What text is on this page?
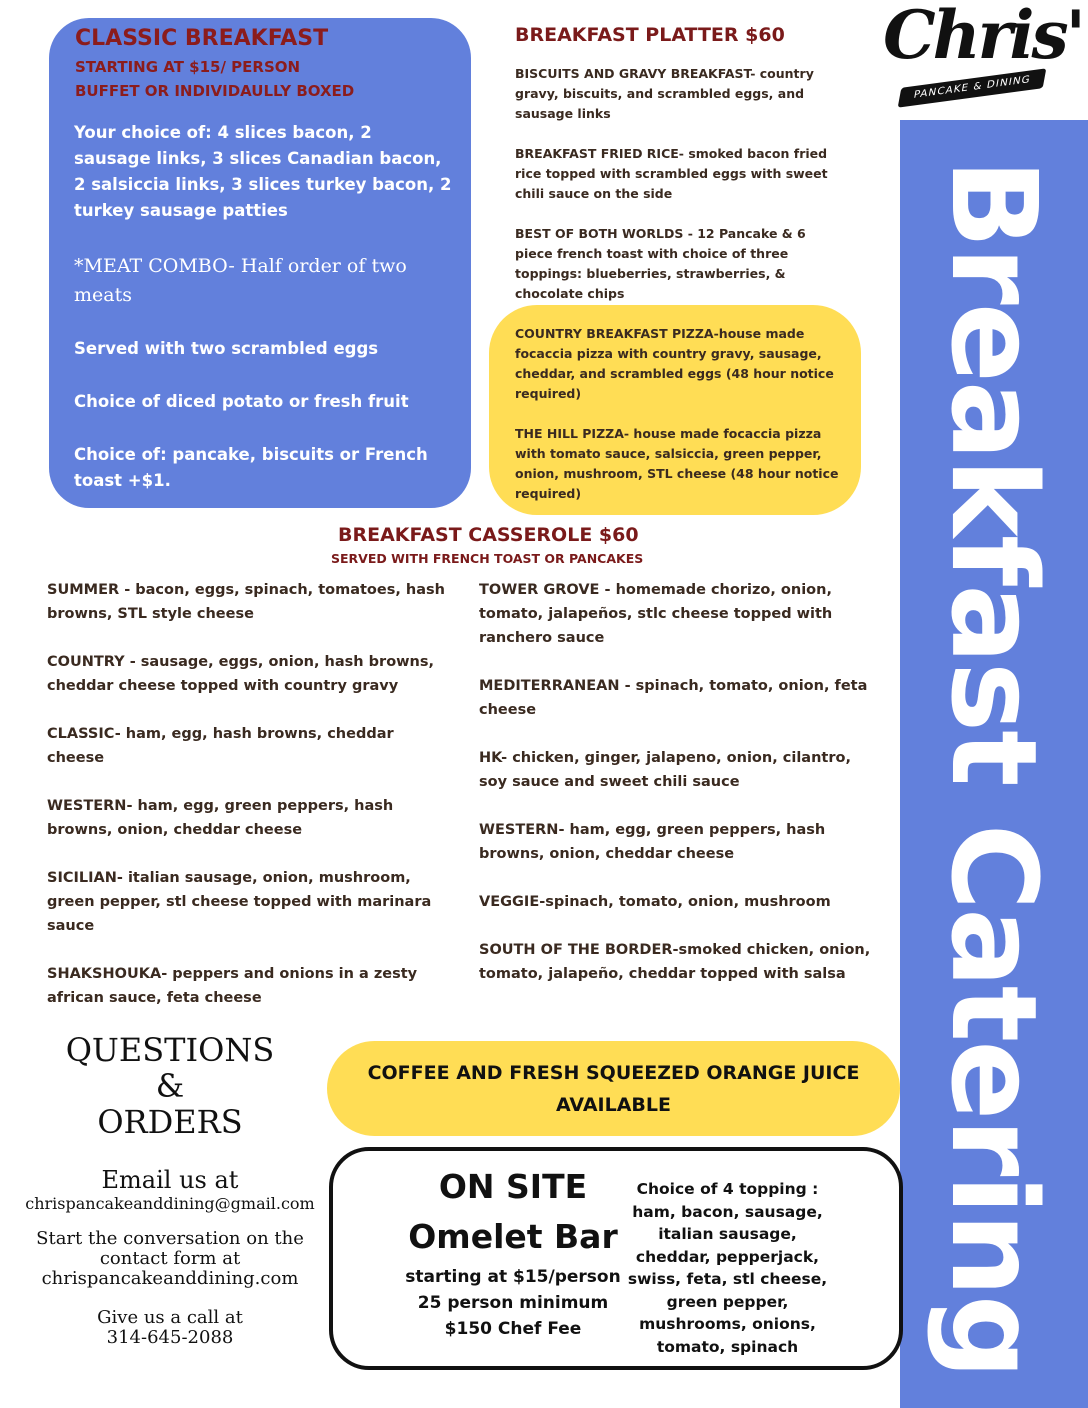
Breakfast Catering
Chris'
PANCAKE & DINING
CLASSIC BREAKFAST
STARTING AT $15/ PERSON
BUFFET OR INDIVIDAULLY BOXED
Your choice of: 4 slices bacon, 2 sausage links, 3 slices Canadian bacon, 2 salsiccia links, 3 slices turkey bacon, 2 turkey sausage patties
*MEAT COMBO- Half order of two meats
Served with two scrambled eggs
Choice of diced potato or fresh fruit
Choice of: pancake, biscuits or French toast +$1.
BREAKFAST PLATTER $60
BISCUITS AND GRAVY BREAKFAST- country gravy, biscuits, and scrambled eggs, and sausage links
BREAKFAST FRIED RICE- smoked bacon fried rice topped with scrambled eggs with sweet chili sauce on the side
BEST OF BOTH WORLDS - 12 Pancake & 6 piece french toast with choice of three toppings: blueberries, strawberries, & chocolate chips
COUNTRY BREAKFAST PIZZA-house made focaccia pizza with country gravy, sausage, cheddar, and scrambled eggs (48 hour notice required)
THE HILL PIZZA- house made focaccia pizza with tomato sauce, salsiccia, green pepper, onion, mushroom, STL cheese (48 hour notice required)
BREAKFAST CASSEROLE $60
SERVED WITH FRENCH TOAST OR PANCAKES
SUMMER - bacon, eggs, spinach, tomatoes, hash browns, STL style cheese
COUNTRY - sausage, eggs, onion, hash browns, cheddar cheese topped with country gravy
CLASSIC- ham, egg, hash browns, cheddar cheese
WESTERN- ham, egg, green peppers, hash browns, onion, cheddar cheese
SICILIAN- italian sausage, onion, mushroom, green pepper, stl cheese topped with marinara sauce
SHAKSHOUKA- peppers and onions in a zesty african sauce, feta cheese
TOWER GROVE - homemade chorizo, onion, tomato, jalapeños, stlc cheese topped with ranchero sauce
MEDITERRANEAN - spinach, tomato, onion, feta cheese
HK- chicken, ginger, jalapeno, onion, cilantro, soy sauce and sweet chili sauce
WESTERN- ham, egg, green peppers, hash browns, onion, cheddar cheese
VEGGIE-spinach, tomato, onion, mushroom
SOUTH OF THE BORDER-smoked chicken, onion, tomato, jalapeño, cheddar topped with salsa
QUESTIONS
&
ORDERS
Email us at
chrispancakeanddining@gmail.com
Start the conversation on the contact form at
chrispancakeanddining.com
Give us a call at
314-645-2088
COFFEE AND FRESH SQUEEZED ORANGE JUICE
AVAILABLE
ON SITE
Omelet Bar
starting at $15/person
25 person minimum
$150 Chef Fee
Choice of 4 topping :
ham, bacon, sausage, italian sausage, cheddar, pepperjack, swiss, feta, stl cheese, green pepper, mushrooms, onions, tomato, spinach
